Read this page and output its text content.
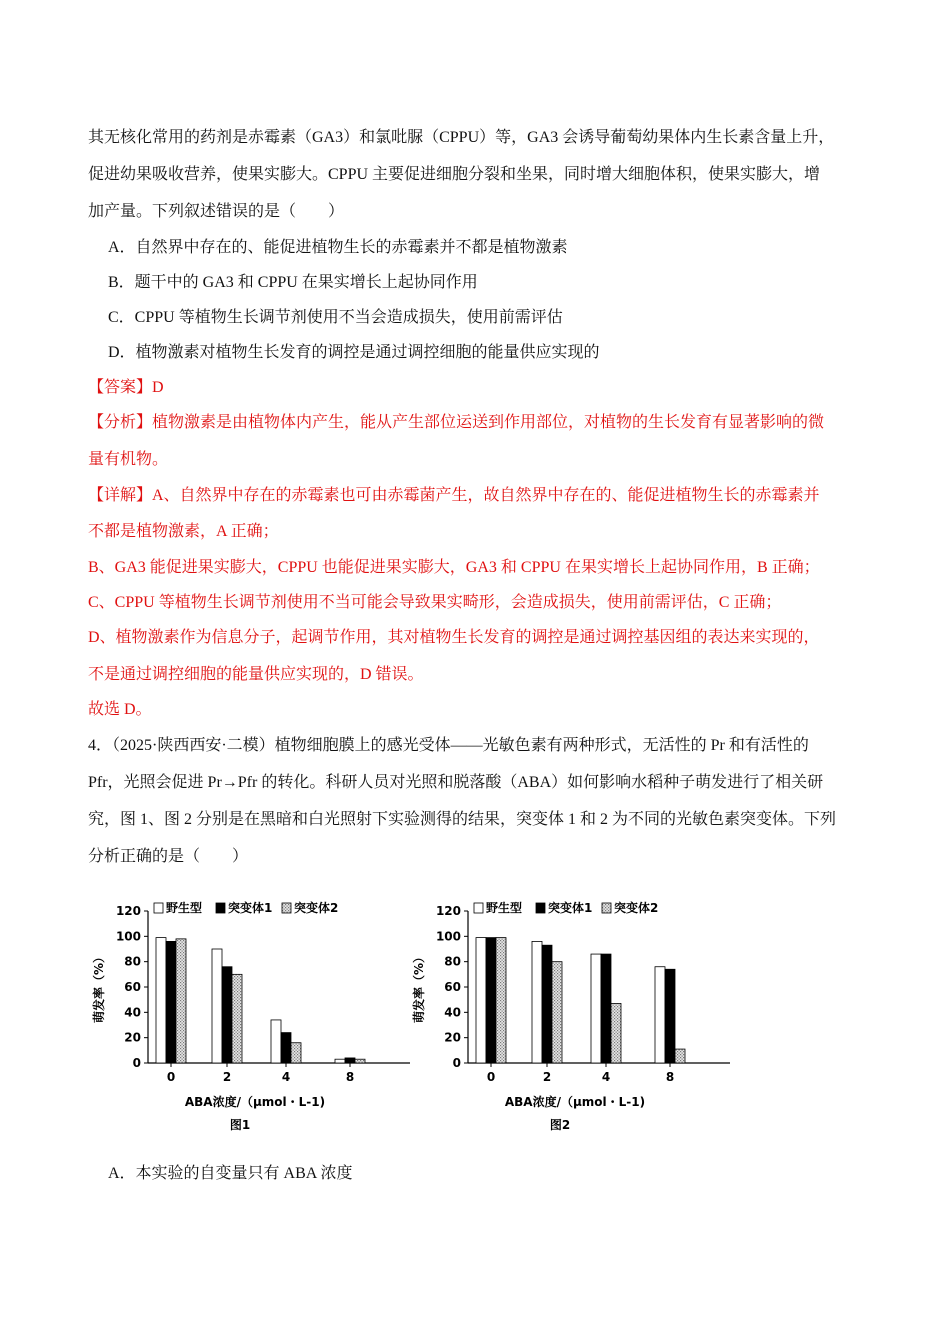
其无核化常用的药剂是赤霉素（GA3）和氯吡脲（CPPU）等，GA3 会诱导葡萄幼果体内生长素含量上升，
促进幼果吸收营养，使果实膨大。CPPU 主要促进细胞分裂和坐果，同时增大细胞体积，使果实膨大，增
加产量。下列叙述错误的是（　　）
A．自然界中存在的、能促进植物生长的赤霉素并不都是植物激素
B．题干中的 GA3 和 CPPU 在果实增长上起协同作用
C．CPPU 等植物生长调节剂使用不当会造成损失，使用前需评估
D．植物激素对植物生长发育的调控是通过调控细胞的能量供应实现的
【答案】D
【分析】植物激素是由植物体内产生，能从产生部位运送到作用部位，对植物的生长发育有显著影响的微
量有机物。
【详解】A、自然界中存在的赤霉素也可由赤霉菌产生，故自然界中存在的、能促进植物生长的赤霉素并
不都是植物激素，A 正确；
B、GA3 能促进果实膨大，CPPU 也能促进果实膨大，GA3 和 CPPU 在果实增长上起协同作用，B 正确；
C、CPPU 等植物生长调节剂使用不当可能会导致果实畸形，会造成损失，使用前需评估，C 正确；
D、植物激素作为信息分子，起调节作用，其对植物生长发育的调控是通过调控基因组的表达来实现的，
不是通过调控细胞的能量供应实现的，D 错误。
故选 D。
4．（2025·陕西西安·二模）植物细胞膜上的感光受体——光敏色素有两种形式，无活性的 Pr 和有活性的
Pfr，光照会促进 Pr→Pfr 的转化。科研人员对光照和脱落酸（ABA）如何影响水稻种子萌发进行了相关研
究，图 1、图 2 分别是在黑暗和白光照射下实验测得的结果，突变体 1 和 2 为不同的光敏色素突变体。下列
分析正确的是（　　）
0
20
40
60
80
100
120
萌发率（%）
0	2	4	8
野生型 突变体1 突变体2
ABA浓度/（μmol・L-1)
图1
0
20
40
60
80
100
120
萌发率（%）
0	2	4	8
野生型 突变体1 突变体2
ABA浓度/（μmol・L-1)
图2
A．本实验的自变量只有 ABA 浓度
